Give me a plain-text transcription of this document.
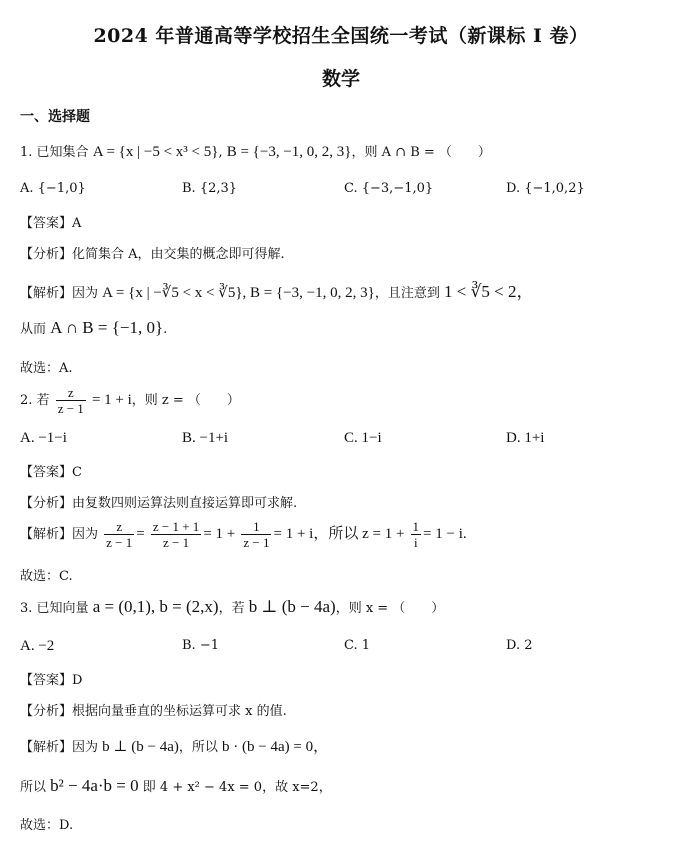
2024 年普通高等学校招生全国统一考试（新课标 I 卷）
数学
一、选择题
1. 已知集合 A = {x | −5 < x³ < 5}, B = {−3, −1, 0, 2, 3}，则 A ∩ B = （　　）
A. {−1,0}	B. {2,3}	C. {−3,−1,0}	D. {−1,0,2}
【答案】A
【分析】化简集合 A，由交集的概念即可得解.
【解析】因为 A = {x | −∛5 < x < ∛5}, B = {−3, −1, 0, 2, 3}，且注意到 1 < ∛5 < 2，
从而 A ∩ B = {−1, 0}.
故选：A.
2. 若 $\frac{z}{z - 1} = 1 + i$，则 z = （　　）
A. −1−i	B. −1+i	C. 1−i	D. 1+i
【答案】C
【分析】由复数四则运算法则直接运算即可求解.
【解析】因为 $\frac{z}{z - 1} = \frac{z - 1 + 1}{z - 1} = 1 + \frac{1}{z - 1} = 1 + i$，所以 $z = 1 + \frac{1}{i} = 1 - i$.
故选：C.
3. 已知向量 a = (0,1), b = (2,x)，若 b ⊥ (b − 4a)，则 x = （　　）
A. −2	B. −1	C. 1	D. 2
【答案】D
【分析】根据向量垂直的坐标运算可求 x 的值.
【解析】因为 b ⊥ (b − 4a)，所以 b · (b − 4a) = 0，
所以 b² − 4a·b = 0 即 4 + x² − 4x = 0，故 x=2，
故选：D.
